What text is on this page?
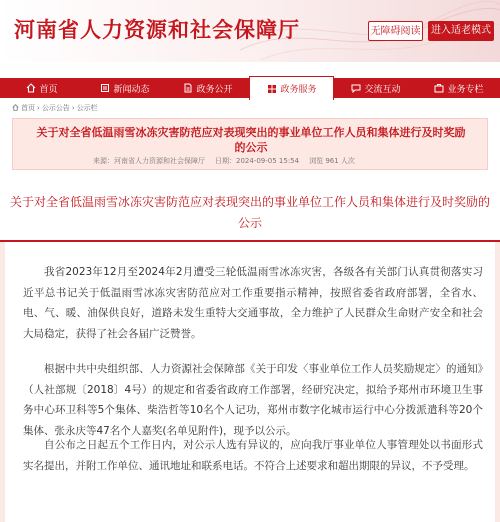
河南省人力资源和社会保障厅	无障碍阅读	进入适老模式
首页	新闻动态	政务公开	政务服务	交流互动	业务专栏
首页 › 公示公告 › 公示栏
关于对全省低温雨雪冰冻灾害防范应对表现突出的事业单位工作人员和集体进行及时奖励的公示
来源：河南省人力资源和社会保障厅 日期：2024-09-05 15:54 浏览 961 人次
关于对全省低温雨雪冰冻灾害防范应对表现突出的事业单位工作人员和集体进行及时奖励的公示

我省2023年12月至2024年2月遭受三轮低温雨雪冰冻灾害，各级各有关部门认真贯彻落实习近平总书记关于低温雨雪冰冻灾害防范应对工作重要指示精神，按照省委省政府部署，全省水、电、气、暖、油保供良好，道路未发生重特大交通事故，全力维护了人民群众生命财产安全和社会大局稳定，获得了社会各届广泛赞誉。

根据中共中央组织部、人力资源社会保障部《关于印发〈事业单位工作人员奖励规定〉的通知》（人社部规〔2018〕4号）的规定和省委省政府工作部署，经研究决定，拟给予郑州市环境卫生事务中心环卫科等5个集体、柴浩哲等10名个人记功，郑州市数字化城市运行中心分拨派遣科等20个集体、张永庆等47名个人嘉奖(名单见附件)，现予以公示。

自公布之日起五个工作日内，对公示人选有异议的，应向我厅事业单位人事管理处以书面形式实名提出，并附工作单位、通讯地址和联系电话。不符合上述要求和超出期限的异议，不予受理。
